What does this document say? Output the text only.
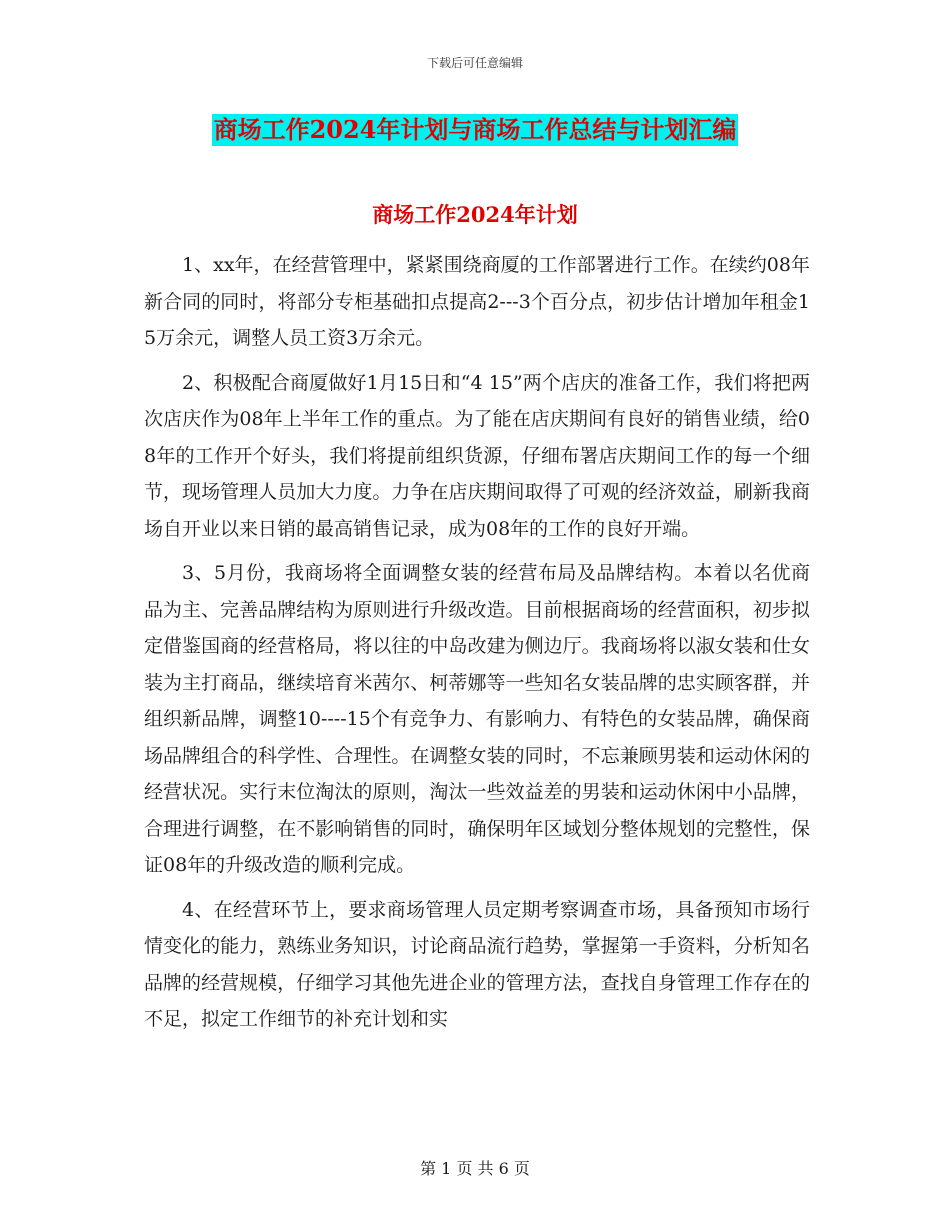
下载后可任意编辑
商场工作2024年计划与商场工作总结与计划汇编
商场工作2024年计划

1、xx年，在经营管理中，紧紧围绕商厦的工作部署进行工作。在续约08年新合同的同时，将部分专柜基础扣点提高2---3个百分点，初步估计增加年租金15万余元，调整人员工资3万余元。

2、积极配合商厦做好1月15日和“4 15”两个店庆的准备工作，我们将把两次店庆作为08年上半年工作的重点。为了能在店庆期间有良好的销售业绩，给08年的工作开个好头，我们将提前组织货源，仔细布署店庆期间工作的每一个细节，现场管理人员加大力度。力争在店庆期间取得了可观的经济效益，刷新我商场自开业以来日销的最高销售记录，成为08年的工作的良好开端。

3、5月份，我商场将全面调整女装的经营布局及品牌结构。本着以名优商品为主、完善品牌结构为原则进行升级改造。目前根据商场的经营面积，初步拟定借鉴国商的经营格局，将以往的中岛改建为侧边厅。我商场将以淑女装和仕女装为主打商品，继续培育米茜尔、柯蒂娜等一些知名女装品牌的忠实顾客群，并组织新品牌，调整10----15个有竞争力、有影响力、有特色的女装品牌，确保商场品牌组合的科学性、合理性。在调整女装的同时，不忘兼顾男装和运动休闲的经营状况。实行末位淘汰的原则，淘汰一些效益差的男装和运动休闲中小品牌，合理进行调整，在不影响销售的同时，确保明年区域划分整体规划的完整性，保证08年的升级改造的顺利完成。

4、在经营环节上，要求商场管理人员定期考察调查市场，具备预知市场行情变化的能力，熟练业务知识，讨论商品流行趋势，掌握第一手资料，分析知名品牌的经营规模，仔细学习其他先进企业的管理方法，查找自身管理工作存在的不足，拟定工作细节的补充计划和实

第 1 页 共 6 页
